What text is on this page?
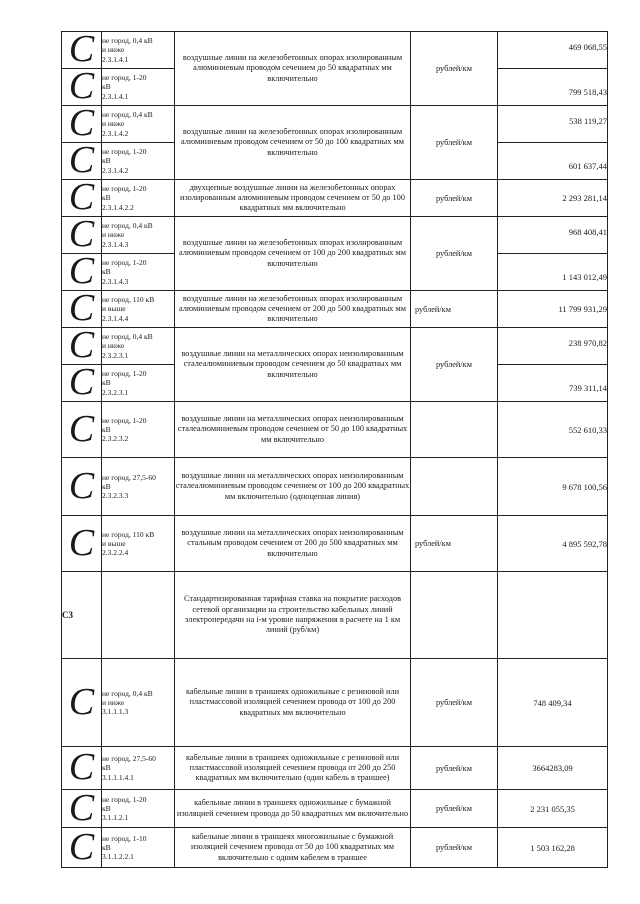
C	не город, 0,4 кВ
и ниже
2.3.1.4.1	воздушные линии на железобетонных опорах изолированным алюминиевым проводом сечением до 50 квадратных мм включительно	рублей/км	469 068,55

C	не город, 1-20
кВ
2.3.1.4.1			799 518,43

C	не город, 0,4 кВ
и ниже
2.3.1.4.2	воздушные линии на железобетонных опорах изолированным алюминиевым проводом сечением от 50 до 100 квадратных мм включительно	рублей/км	538 119,27

C	не город, 1-20
кВ
2.3.1.4.2			601 637,44

C	не город, 1-20
кВ
2.3.1.4.2.2	двухцепные воздушные линии на железобетонных опорах изолированным алюминиевым проводом сечением от 50 до 100 квадратных мм включительно	рублей/км	2 293 281,14

C	не город, 0,4 кВ
и ниже
2.3.1.4.3	воздушные линии на железобетонных опорах изолированным алюминиевым проводом сечением от 100 до 200 квадратных мм включительно	рублей/км	968 408,41

C	не город, 1-20
кВ
2.3.1.4.3			1 143 012,49

C	не город, 110 кВ
и выше
2.3.1.4.4	воздушные линии на железобетонных опорах изолированным алюминиевым проводом сечением от 200 до 500 квадратных мм включительно	рублей/км	11 799 931,29

C	не город, 0,4 кВ
и ниже
2.3.2.3.1	воздушные линии на металлических опорах неизолированным сталеалюминиевым проводом сечением до 50 квадратных мм включительно	рублей/км	238 970,82

C	не город, 1-20
кВ
2.3.2.3.1			739 311,14

C	не город, 1-20
кВ
2.3.2.3.2	воздушные линии на металлических опорах неизолированным сталеалюминиевым проводом сечением от 50 до 100 квадратных мм включительно		552 610,33

C	не город, 27,5-60
кВ
2.3.2.3.3	воздушные линии на металлических опорах неизолированным сталеалюминиевым проводом сечением от 100 до 200 квадратных мм включительно (одноцепная линия)		9 678 100,56

C	не город, 110 кВ
и выше
2.3.2.2.4	воздушные линии на металлических опорах неизолированным стальным проводом сечением от 200 до 500 квадратных мм включительно	рублей/км	4 895 592,78
C3		Стандартизированная тарифная ставка на покрытие расходов сетевой организации на строительство кабельных линий электропередачи на i-м уровне напряжения в расчете на 1 км линий (руб/км)		

C	не город, 0,4 кВ
и ниже
3.1.1.1.3	кабельные линии в траншеях одножильные с резиновой или пластмассовой изоляцией сечением провода от 100 до 200 квадратных мм включительно	рублей/км	748 409,34

C	не город, 27,5-60
кВ
3.1.1.1.4.1	кабельные линии в траншеях одножильные с резиновой или пластмассовой изоляцией сечением провода от 200 до 250 квадратных мм включительно (один кабель в траншее)	рублей/км	3664283,09

C	не город, 1-20
кВ
3.1.1.2.1	кабельные линии в траншеях одножильные с бумажной изоляцией сечением провода до 50 квадратных мм включительно	рублей/км	2 231 055,35

C	не город, 1-10
кВ
3.1.1.2.2.1	кабельные линии в траншеях многожильные с бумажной изоляцией сечением провода от 50 до 100 квадратных мм включительно с одним кабелем в траншее	рублей/км	1 503 162,28
